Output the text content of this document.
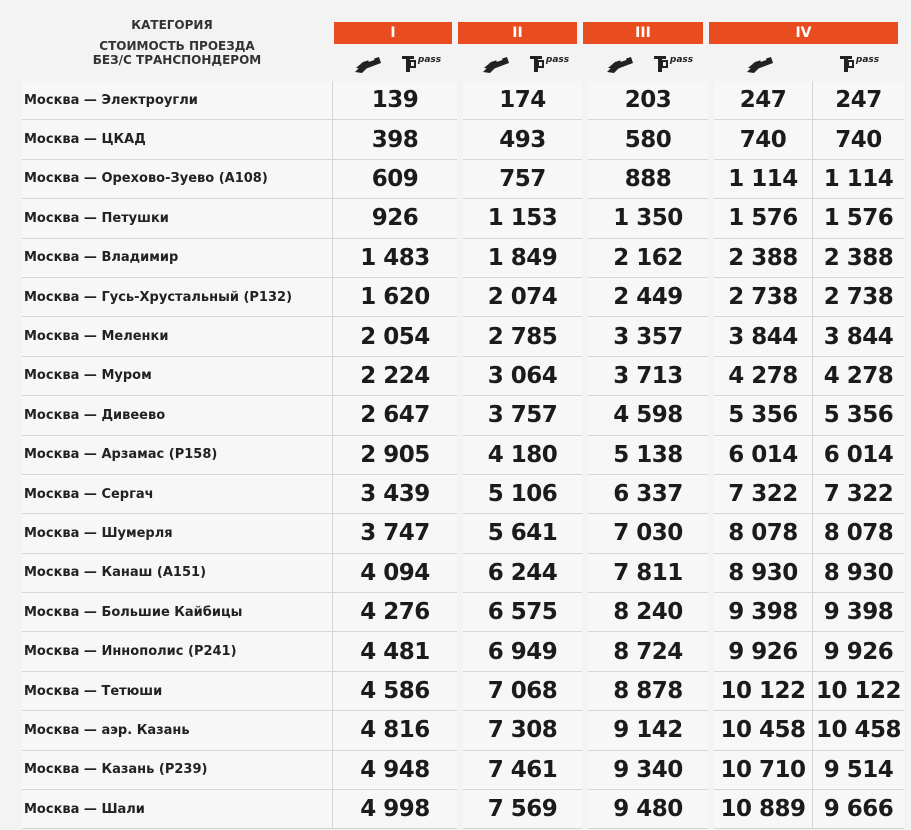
КАТЕГОРИЯ
СТОИМОСТЬ ПРОЕЗДА
БЕЗ/С ТРАНСПОНДЕРОМ
I	II	III	IV
pass	pass	pass	pass
Москва — Электроугли	139		174		203		247	247
Москва — ЦКАД	398		493		580		740	740
Москва — Орехово-Зуево (А108)	609		757		888		1 114	1 114
Москва — Петушки	926		1 153		1 350		1 576	1 576
Москва — Владимир	1 483		1 849		2 162		2 388	2 388
Москва — Гусь-Хрустальный (Р132)	1 620		2 074		2 449		2 738	2 738
Москва — Меленки	2 054		2 785		3 357		3 844	3 844
Москва — Муром	2 224		3 064		3 713		4 278	4 278
Москва — Дивеево	2 647		3 757		4 598		5 356	5 356
Москва — Арзамас (Р158)	2 905		4 180		5 138		6 014	6 014
Москва — Сергач	3 439		5 106		6 337		7 322	7 322
Москва — Шумерля	3 747		5 641		7 030		8 078	8 078
Москва — Канаш (А151)	4 094		6 244		7 811		8 930	8 930
Москва — Большие Кайбицы	4 276		6 575		8 240		9 398	9 398
Москва — Иннополис (Р241)	4 481		6 949		8 724		9 926	9 926
Москва — Тетюши	4 586		7 068		8 878		10 122	10 122
Москва — аэр. Казань	4 816		7 308		9 142		10 458	10 458
Москва — Казань (Р239)	4 948		7 461		9 340		10 710	9 514
Москва — Шали	4 998		7 569		9 480		10 889	9 666
